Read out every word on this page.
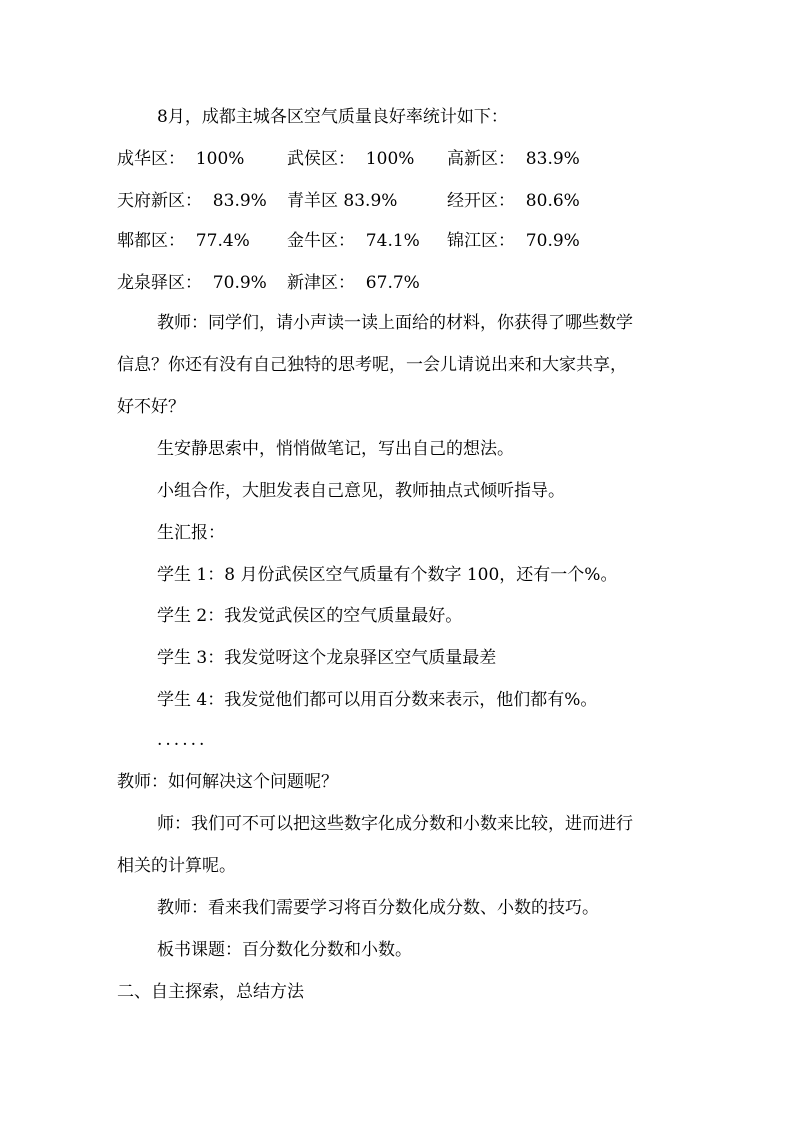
8月，成都主城各区空气质量良好率统计如下：
成华区：  100%	武侯区：  100% 高新区：  83.9%
天府新区：  83.9% 青羊区 83.9%	经开区：  80.6%
郫都区：  77.4% 金牛区：  74.1% 锦江区：  70.9%
龙泉驿区：  70.9% 新津区：  67.7%
教师：同学们，请小声读一读上面给的材料，你获得了哪些数学
信息？你还有没有自己独特的思考呢，一会儿请说出来和大家共享，
好不好？
生安静思索中，悄悄做笔记，写出自己的想法。
小组合作，大胆发表自己意见，教师抽点式倾听指导。
生汇报：
学生 1：8 月份武侯区空气质量有个数字 100，还有一个%。
学生 2：我发觉武侯区的空气质量最好。
学生 3：我发觉呀这个龙泉驿区空气质量最差
学生 4：我发觉他们都可以用百分数来表示，他们都有%。
......
教师：如何解决这个问题呢？
师：我们可不可以把这些数字化成分数和小数来比较，进而进行
相关的计算呢。
教师：看来我们需要学习将百分数化成分数、小数的技巧。
板书课题：百分数化分数和小数。
二、自主探索，总结方法
